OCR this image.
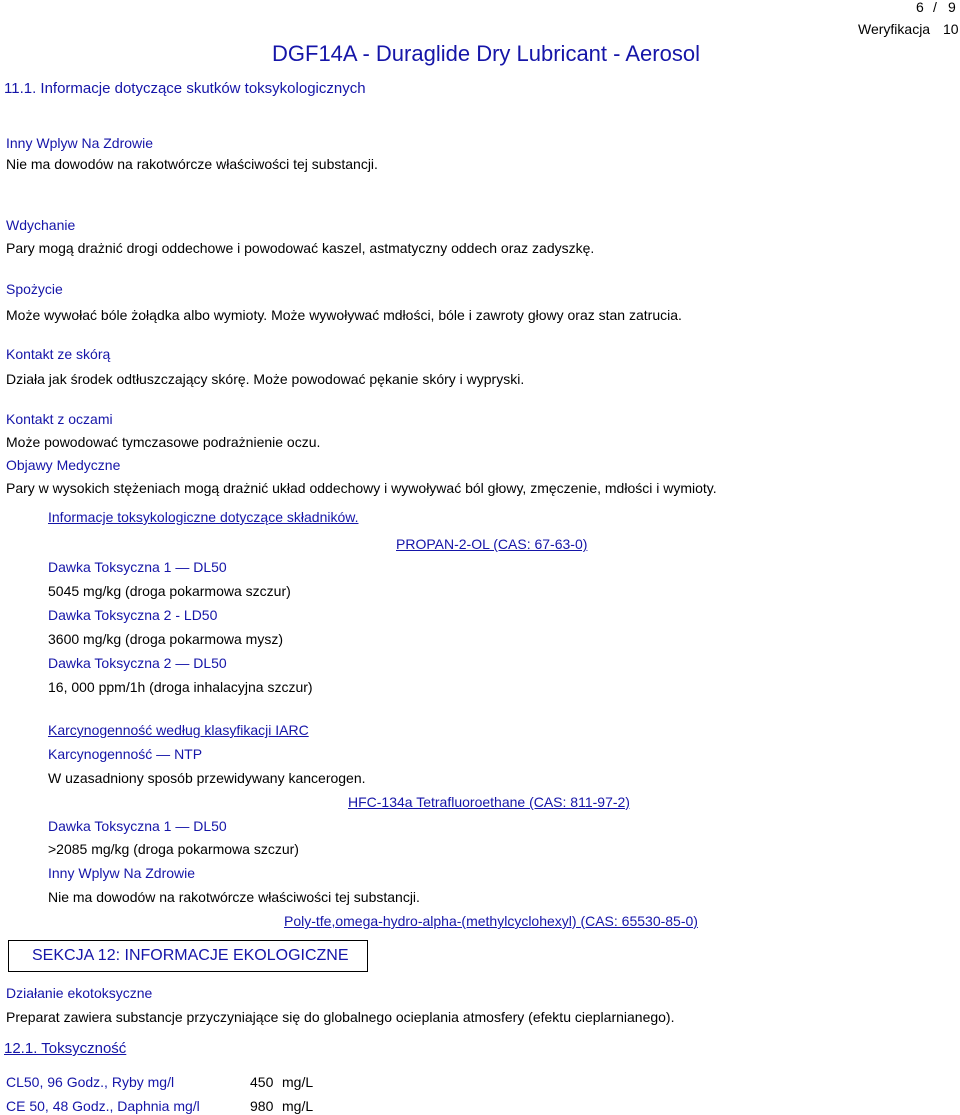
6 / 9
Weryfikacja 10
DGF14A - Duraglide Dry Lubricant - Aerosol
11.1. Informacje dotyczące skutków toksykologicznych
Inny Wplyw Na Zdrowie
Nie ma dowodów na rakotwórcze właściwości tej substancji.
Wdychanie
Pary mogą drażnić drogi oddechowe i powodować kaszel, astmatyczny oddech oraz zadyszkę.
Spożycie
Może wywołać bóle żołądka albo wymioty. Może wywoływać mdłości, bóle i zawroty głowy oraz stan zatrucia.
Kontakt ze skórą
Działa jak środek odtłuszczający skórę. Może powodować pękanie skóry i wypryski.
Kontakt z oczami
Może powodować tymczasowe podrażnienie oczu.
Objawy Medyczne
Pary w wysokich stężeniach mogą drażnić układ oddechowy i wywoływać ból głowy, zmęczenie, mdłości i wymioty.
Informacje toksykologiczne dotyczące składników.
PROPAN-2-OL (CAS: 67-63-0)
Dawka Toksyczna 1 — DL50
5045 mg/kg (droga pokarmowa szczur)
Dawka Toksyczna 2 - LD50
3600 mg/kg (droga pokarmowa mysz)
Dawka Toksyczna 2 — DL50
16, 000 ppm/1h (droga inhalacyjna szczur)
Karcynogenność według klasyfikacji IARC
Karcynogenność — NTP
W uzasadniony sposób przewidywany kancerogen.
HFC-134a Tetrafluoroethane (CAS: 811-97-2)
Dawka Toksyczna 1 — DL50
>2085 mg/kg (droga pokarmowa szczur)
Inny Wplyw Na Zdrowie
Nie ma dowodów na rakotwórcze właściwości tej substancji.
Poly-tfe,omega-hydro-alpha-(methylcyclohexyl) (CAS: 65530-85-0)
SEKCJA 12: INFORMACJE EKOLOGICZNE
Działanie ekotoksyczne
Preparat zawiera substancje przyczyniające się do globalnego ocieplania atmosfery (efektu cieplarnianego).
12.1. Toksyczność
CL50, 96 Godz., Ryby mg/l	450 mg/L
CE 50, 48 Godz., Daphnia mg/l	980 mg/L
